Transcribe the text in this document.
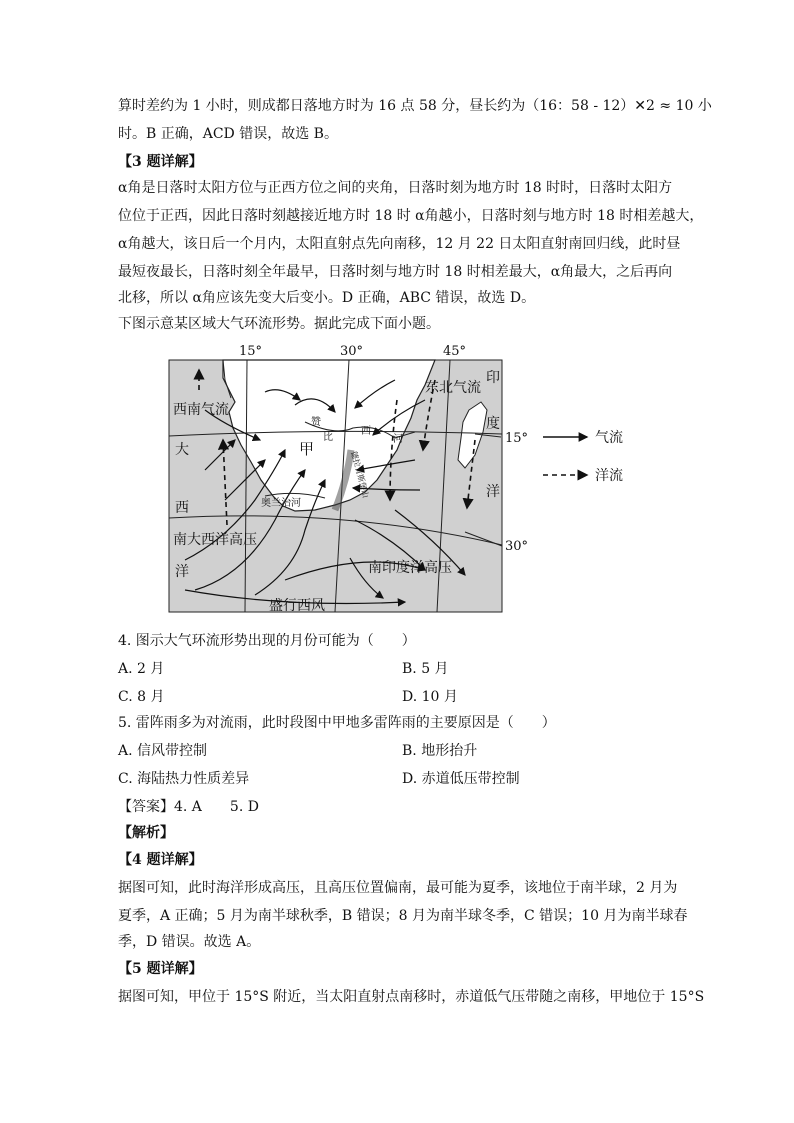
算时差约为 1 小时，则成都日落地方时为 16 点 58 分，昼长约为（16：58 - 12）✕2 ≈ 10 小
时。B 正确，ACD 错误，故选 B。
【3 题详解】
α角是日落时太阳方位与正西方位之间的夹角，日落时刻为地方时 18 时时，日落时太阳方
位位于正西，因此日落时刻越接近地方时 18 时 α角越小，日落时刻与地方时 18 时相差越大，
α角越大，该日后一个月内，太阳直射点先向南移，12 月 22 日太阳直射南回归线，此时昼
最短夜最长，日落时刻全年最早，日落时刻与地方时 18 时相差最大，α角最大，之后再向
北移，所以 α角应该先变大后变小。D 正确，ABC 错误，故选 D。
下图示意某区域大气环流形势。据此完成下面小题。
15°	30°	45°
15°
30°
西南气流
东北气流
大
西
洋
南大西洋高压
南印度洋高压
盛行西风
甲
赞
比
西
河
奥兰治河
印
度
洋
德拉肯斯堡山
气流
洋流
4. 图示大气环流形势出现的月份可能为（　　）
A. 2 月	B. 5 月
C. 8 月	D. 10 月
5. 雷阵雨多为对流雨，此时段图中甲地多雷阵雨的主要原因是（　　）
A. 信风带控制	B. 地形抬升
C. 海陆热力性质差异	D. 赤道低压带控制
【答案】4. A　　5. D
【解析】
【4 题详解】
据图可知，此时海洋形成高压，且高压位置偏南，最可能为夏季，该地位于南半球，2 月为
夏季，A 正确；5 月为南半球秋季，B 错误；8 月为南半球冬季，C 错误；10 月为南半球春
季，D 错误。故选 A。
【5 题详解】
据图可知，甲位于 15°S 附近，当太阳直射点南移时，赤道低气压带随之南移，甲地位于 15°S
